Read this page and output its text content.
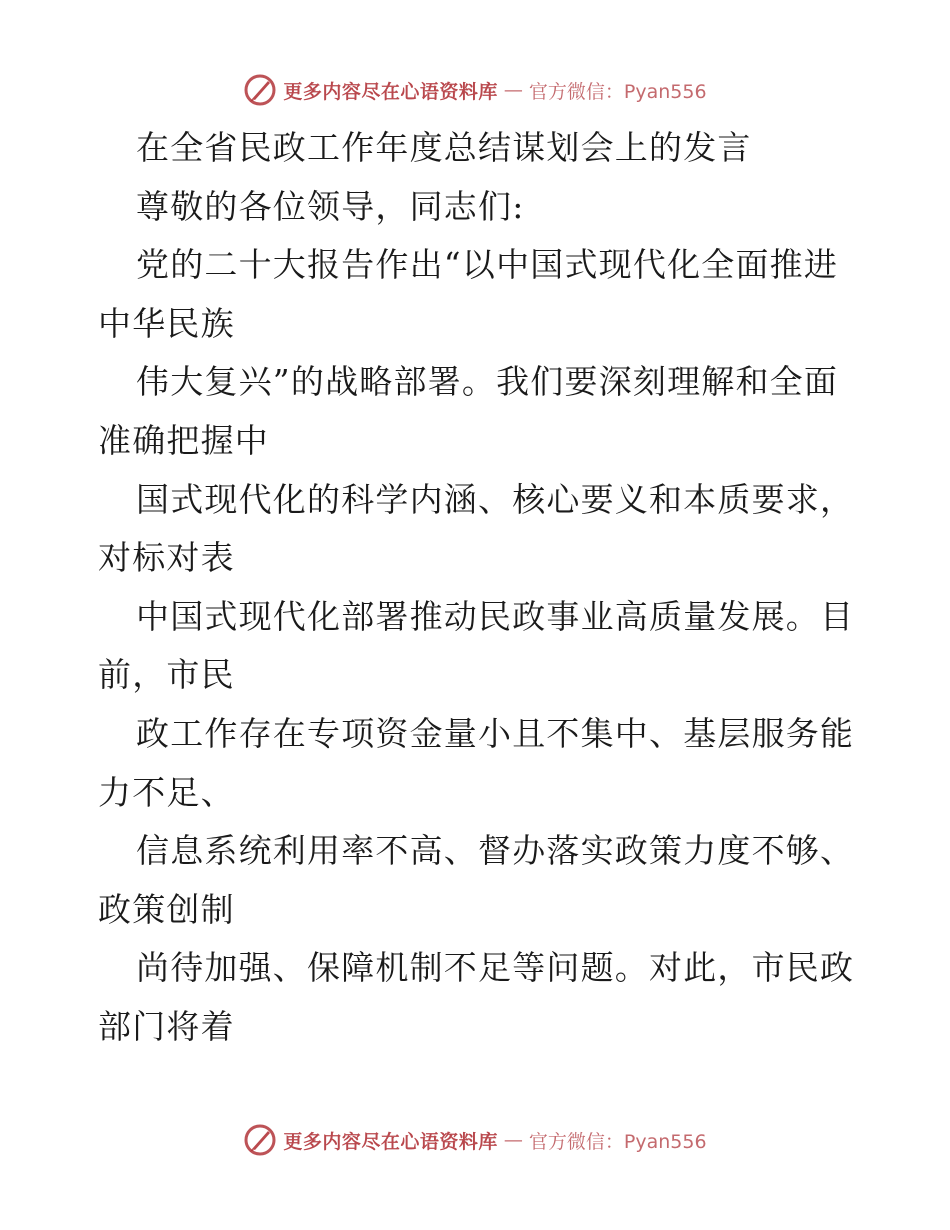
更多内容尽在心语资料库 — 官方微信：Pyan556
在全省民政工作年度总结谋划会上的发言
尊敬的各位领导，同志们:
党的二十大报告作出“以中国式现代化全面推进
中华民族
伟大复兴”的战略部署。我们要深刻理解和全面
准确把握中
国式现代化的科学内涵、核心要义和本质要求，
对标对表
中国式现代化部署推动民政事业高质量发展。目
前，市民
政工作存在专项资金量小且不集中、基层服务能
力不足、
信息系统利用率不高、督办落实政策力度不够、
政策创制
尚待加强、保障机制不足等问题。对此，市民政
部门将着
更多内容尽在心语资料库 — 官方微信：Pyan556
